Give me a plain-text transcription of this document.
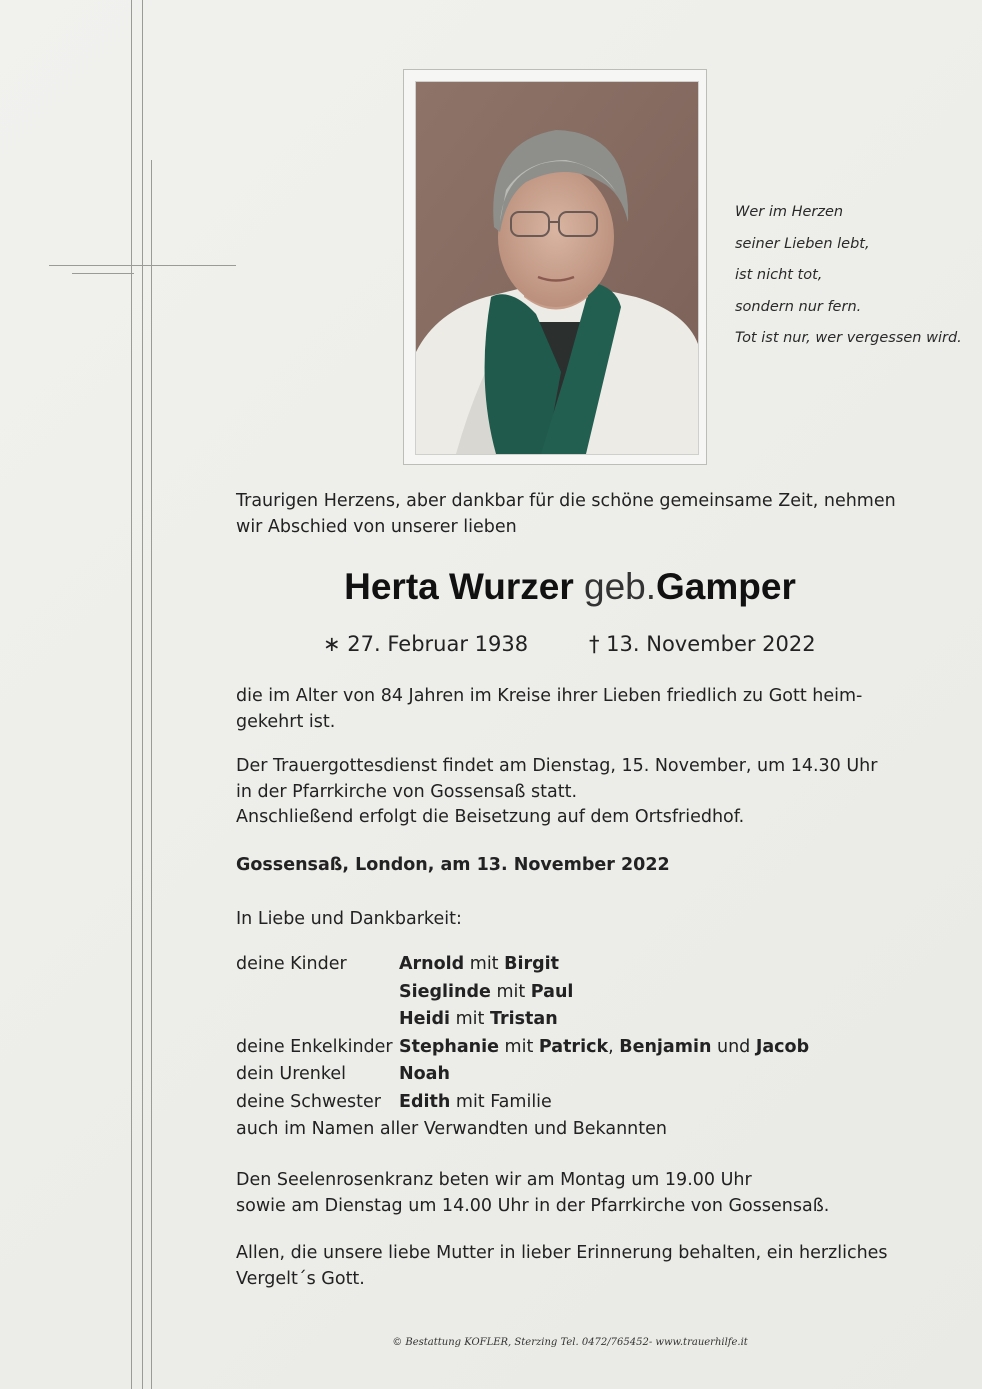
Wer im Herzen
seiner Lieben lebt,
ist nicht tot,
sondern nur fern.
Tot ist nur, wer vergessen wird.
Traurigen Herzens, aber dankbar für die schöne gemeinsame Zeit, nehmen
wir Abschied von unserer lieben
Herta Wurzer geb.Gamper
∗ 27. Februar 1938	† 13. November 2022
die im Alter von 84 Jahren im Kreise ihrer Lieben friedlich zu Gott heim-
gekehrt ist.
Der Trauergottesdienst findet am Dienstag, 15. November, um 14.30 Uhr
in der Pfarrkirche von Gossensaß statt.
Anschließend erfolgt die Beisetzung auf dem Ortsfriedhof.
Gossensaß, London, am 13. November 2022
In Liebe und Dankbarkeit:
deine Kinder	Arnold mit Birgit
Sieglinde mit Paul
Heidi mit Tristan
deine Enkelkinder Stephanie mit Patrick, Benjamin und Jacob
dein Urenkel	Noah
deine Schwester Edith mit Familie
auch im Namen aller Verwandten und Bekannten
Den Seelenrosenkranz beten wir am Montag um 19.00 Uhr
sowie am Dienstag um 14.00 Uhr in der Pfarrkirche von Gossensaß.
Allen, die unsere liebe Mutter in lieber Erinnerung behalten, ein herzliches
Vergelt´s Gott.
© Bestattung KOFLER, Sterzing Tel. 0472/765452- www.trauerhilfe.it
